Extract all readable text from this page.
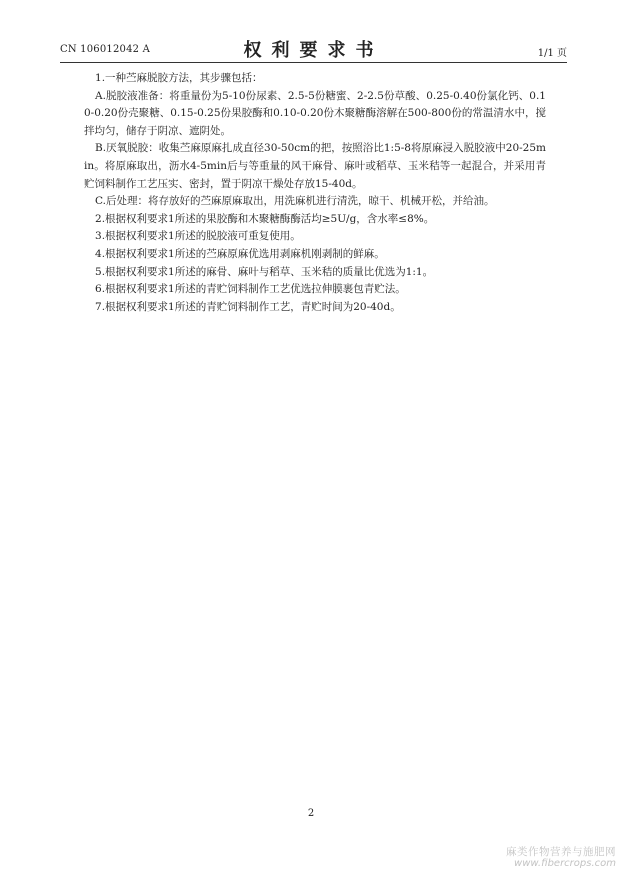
CN 106012042 A	权利要求书	1/1 页

1.一种苎麻脱胶方法，其步骤包括：

A.脱胶液准备：将重量份为5-10份尿素、2.5-5份糖蜜、2-2.5份草酸、0.25-0.40份氯化钙、0.10-0.20份壳聚糖、0.15-0.25份果胶酶和0.10-0.20份木聚糖酶溶解在500-800份的常温清水中，搅拌均匀，储存于阴凉、遮阴处。

B.厌氧脱胶：收集苎麻原麻扎成直径30-50cm的把，按照浴比1:5-8将原麻浸入脱胶液中20-25min。将原麻取出，沥水4-5min后与等重量的风干麻骨、麻叶或稻草、玉米秸等一起混合，并采用青贮饲料制作工艺压实、密封，置于阴凉干燥处存放15-40d。

C.后处理：将存放好的苎麻原麻取出，用洗麻机进行清洗，晾干、机械开松，并给油。

2.根据权利要求1所述的果胶酶和木聚糖酶酶活均≥5U/g，含水率≤8%。

3.根据权利要求1所述的脱胶液可重复使用。

4.根据权利要求1所述的苎麻原麻优选用剥麻机刚剥制的鲜麻。

5.根据权利要求1所述的麻骨、麻叶与稻草、玉米秸的质量比优选为1:1。

6.根据权利要求1所述的青贮饲料制作工艺优选拉伸膜裹包青贮法。

7.根据权利要求1所述的青贮饲料制作工艺，青贮时间为20-40d。

2
麻类作物营养与施肥网
www.fibercrops.com
